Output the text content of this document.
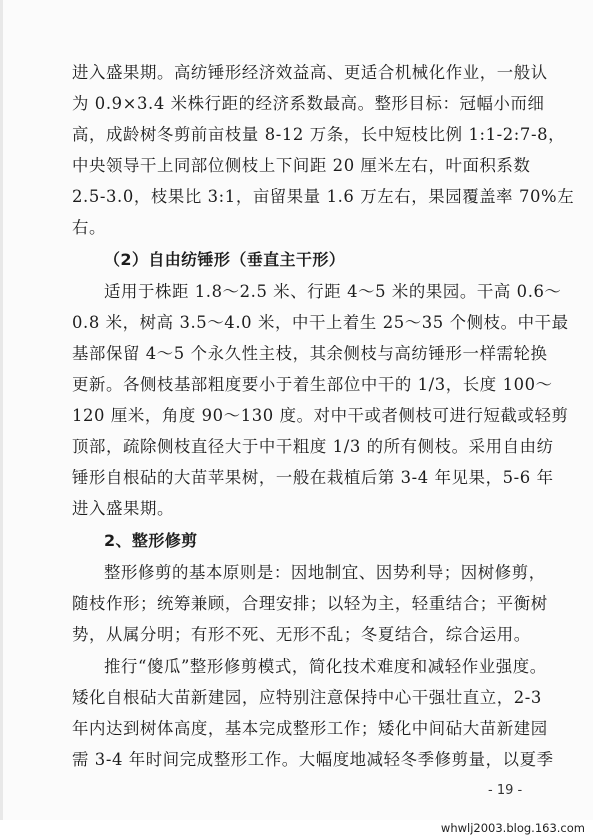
进入盛果期。高纺锤形经济效益高、更适合机械化作业，一般认
为 0.9×3.4 米株行距的经济系数最高。整形目标：冠幅小而细
高，成龄树冬剪前亩枝量 8-12 万条，长中短枝比例 1:1-2:7-8，
中央领导干上同部位侧枝上下间距 20 厘米左右，叶面积系数
2.5-3.0，枝果比 3:1，亩留果量 1.6 万左右，果园覆盖率 70%左
右。
（2）自由纺锤形（垂直主干形）
适用于株距 1.8～2.5 米、行距 4～5 米的果园。干高 0.6～
0.8 米，树高 3.5～4.0 米，中干上着生 25～35 个侧枝。中干最
基部保留 4～5 个永久性主枝，其余侧枝与高纺锤形一样需轮换
更新。各侧枝基部粗度要小于着生部位中干的 1/3，长度 100～
120 厘米，角度 90～130 度。对中干或者侧枝可进行短截或轻剪
顶部，疏除侧枝直径大于中干粗度 1/3 的所有侧枝。采用自由纺
锤形自根砧的大苗苹果树，一般在栽植后第 3-4 年见果，5-6 年
进入盛果期。
2、整形修剪
整形修剪的基本原则是：因地制宜、因势利导；因树修剪，
随枝作形；统筹兼顾，合理安排；以轻为主，轻重结合；平衡树
势，从属分明；有形不死、无形不乱；冬夏结合，综合运用。
推行“傻瓜”整形修剪模式，简化技术难度和减轻作业强度。
矮化自根砧大苗新建园，应特别注意保持中心干强壮直立，2-3
年内达到树体高度，基本完成整形工作；矮化中间砧大苗新建园
需 3-4 年时间完成整形工作。大幅度地减轻冬季修剪量，以夏季
- 19 -
whwlj2003.blog.163.com
